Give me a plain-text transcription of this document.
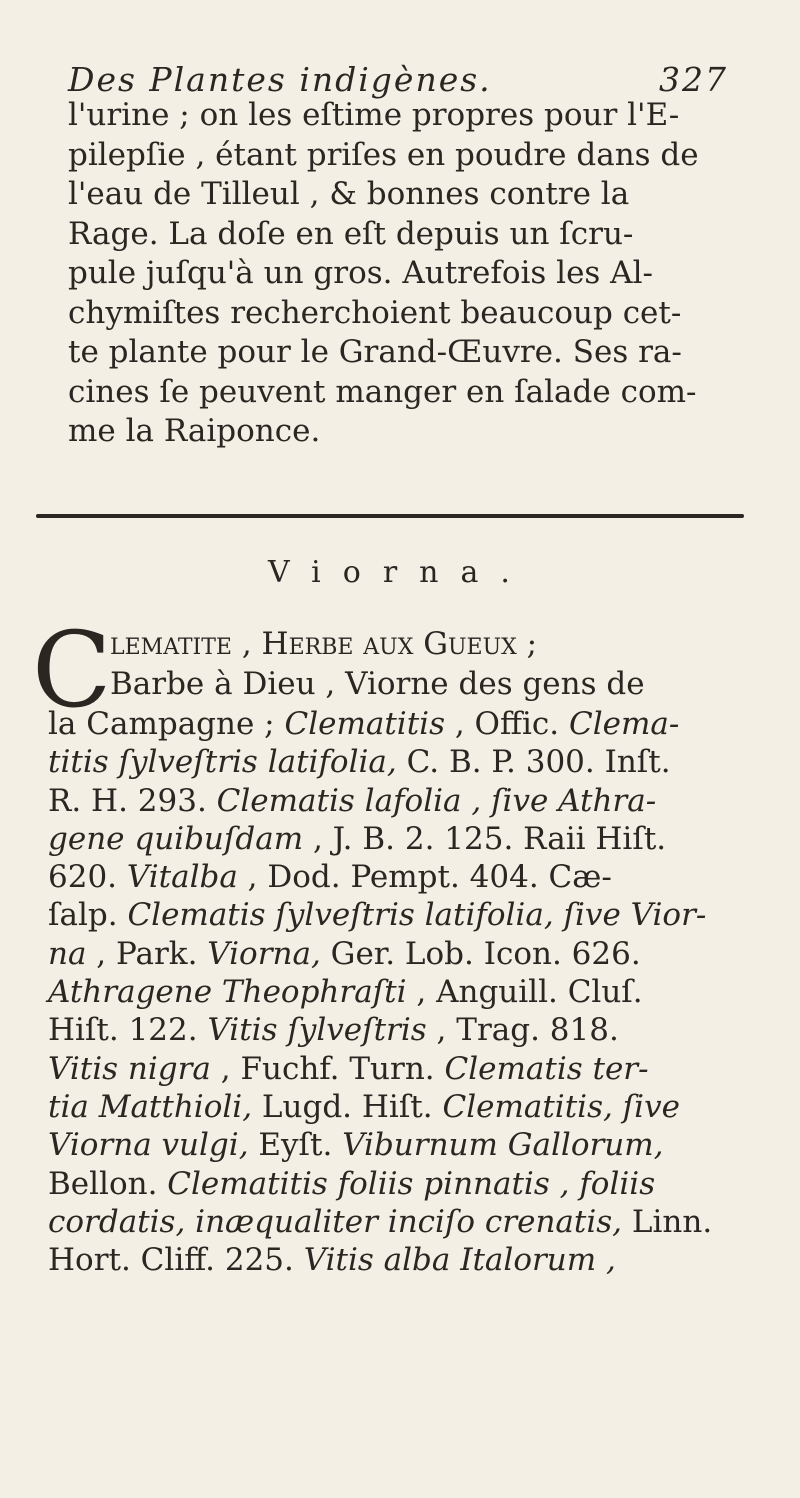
Des Plantes indigènes.	327
l'urine ; on les eſtime propres pour l'E-
pilepſie , étant priſes en poudre dans de
l'eau de Tilleul , & bonnes contre la
Rage. La doſe en eſt depuis un ſcru-
pule juſqu'à un gros. Autrefois les Al-
chymiſtes recherchoient beaucoup cet-
te plante pour le Grand-Œuvre. Ses ra-
cines ſe peuvent manger en ſalade com-
me la Raiponce.
Viorna.
C
lematite , Herbe aux Gueux ;
Barbe à Dieu , Viorne des gens de
la Campagne ; Clematitis , Offic. Clema-
titis ſylveſtris latifolia, C. B. P. 300. Inſt.
R. H. 293. Clematis lafolia , ſive Athra-
gene quibuſdam , J. B. 2. 125. Raii Hiſt.
620. Vitalba , Dod. Pempt. 404. Cæ-
ſalp. Clematis ſylveſtris latifolia, ſive Vior-
na , Park. Viorna, Ger. Lob. Icon. 626.
Athragene Theophraſti , Anguill. Cluſ.
Hiſt. 122. Vitis ſylveſtris , Trag. 818.
Vitis nigra , Fuchf. Turn. Clematis ter-
tia Matthioli, Lugd. Hiſt. Clematitis, ſive
Viorna vulgi, Eyſt. Viburnum Gallorum,
Bellon. Clematitis foliis pinnatis , foliis
cordatis, inæqualiter inciſo crenatis, Linn.
Hort. Cliff. 225. Vitis alba Italorum ,
